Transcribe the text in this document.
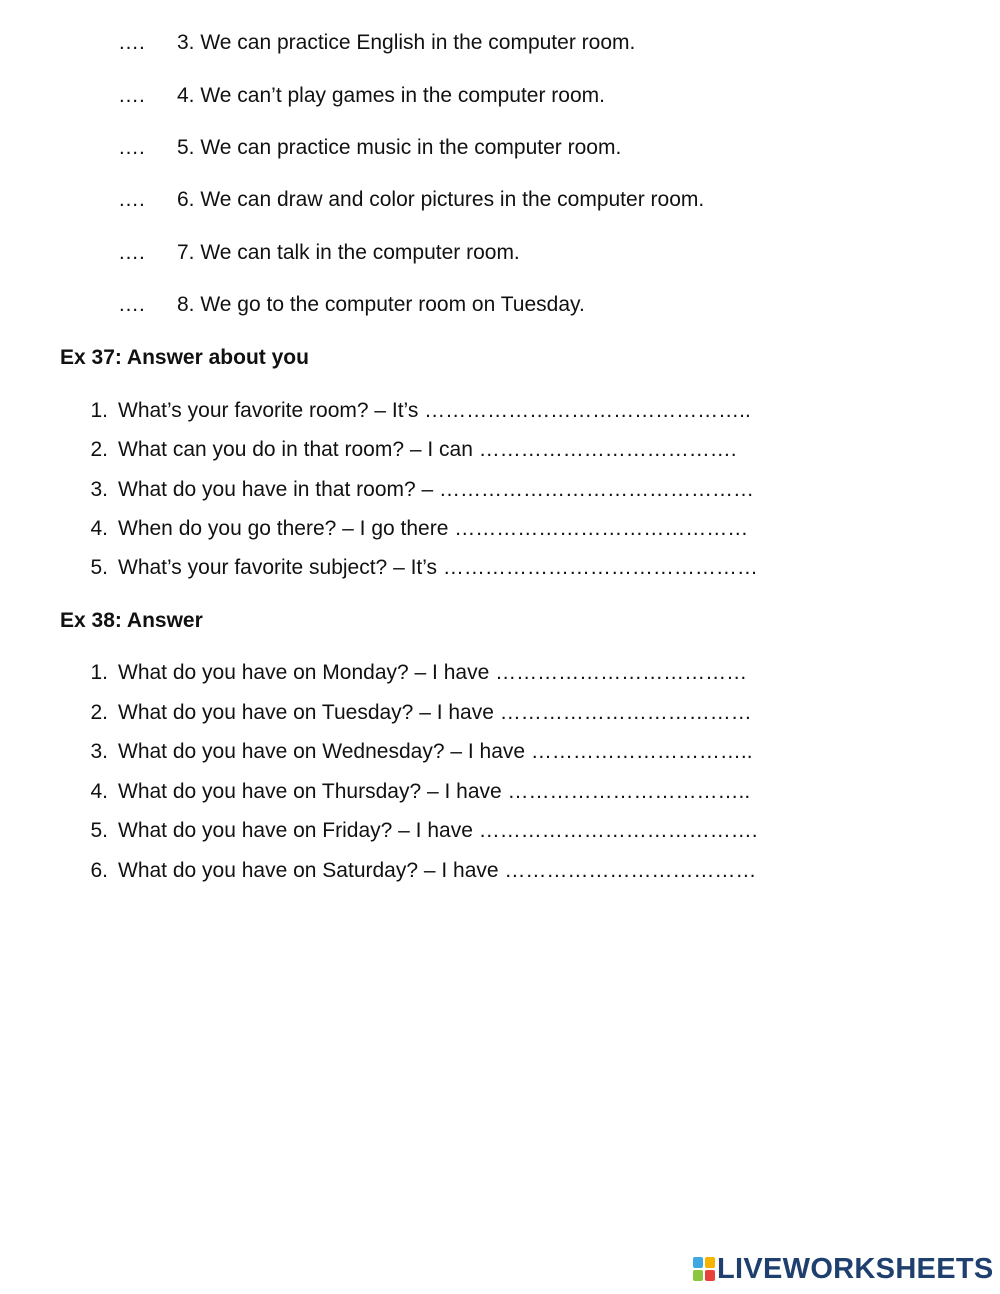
…. 3. We can practice English in the computer room.
…. 4. We can’t play games in the computer room.
…. 5. We can practice music in the computer room.
…. 6. We can draw and color pictures in the computer room.
…. 7. We can talk in the computer room.
…. 8. We go to the computer room on Tuesday.
Ex 37: Answer about you
1. What’s your favorite room? – It’s ………………………………………..
2. What can you do in that room? – I can ……………………………….
3. What do you have in that room? – ………………………………………
4. When do you go there? – I go there ……………………………………
5. What’s your favorite subject? – It’s ………………………………………
Ex 38: Answer
1. What do you have on Monday? – I have ………………………………
2. What do you have on Tuesday? – I have ………………………………
3. What do you have on Wednesday? – I have …………………………..
4. What do you have on Thursday? – I have ……………………………..
5. What do you have on Friday? – I have ………………………………….
6. What do you have on Saturday? – I have ………………………………
LIVEWORKSHEETS
